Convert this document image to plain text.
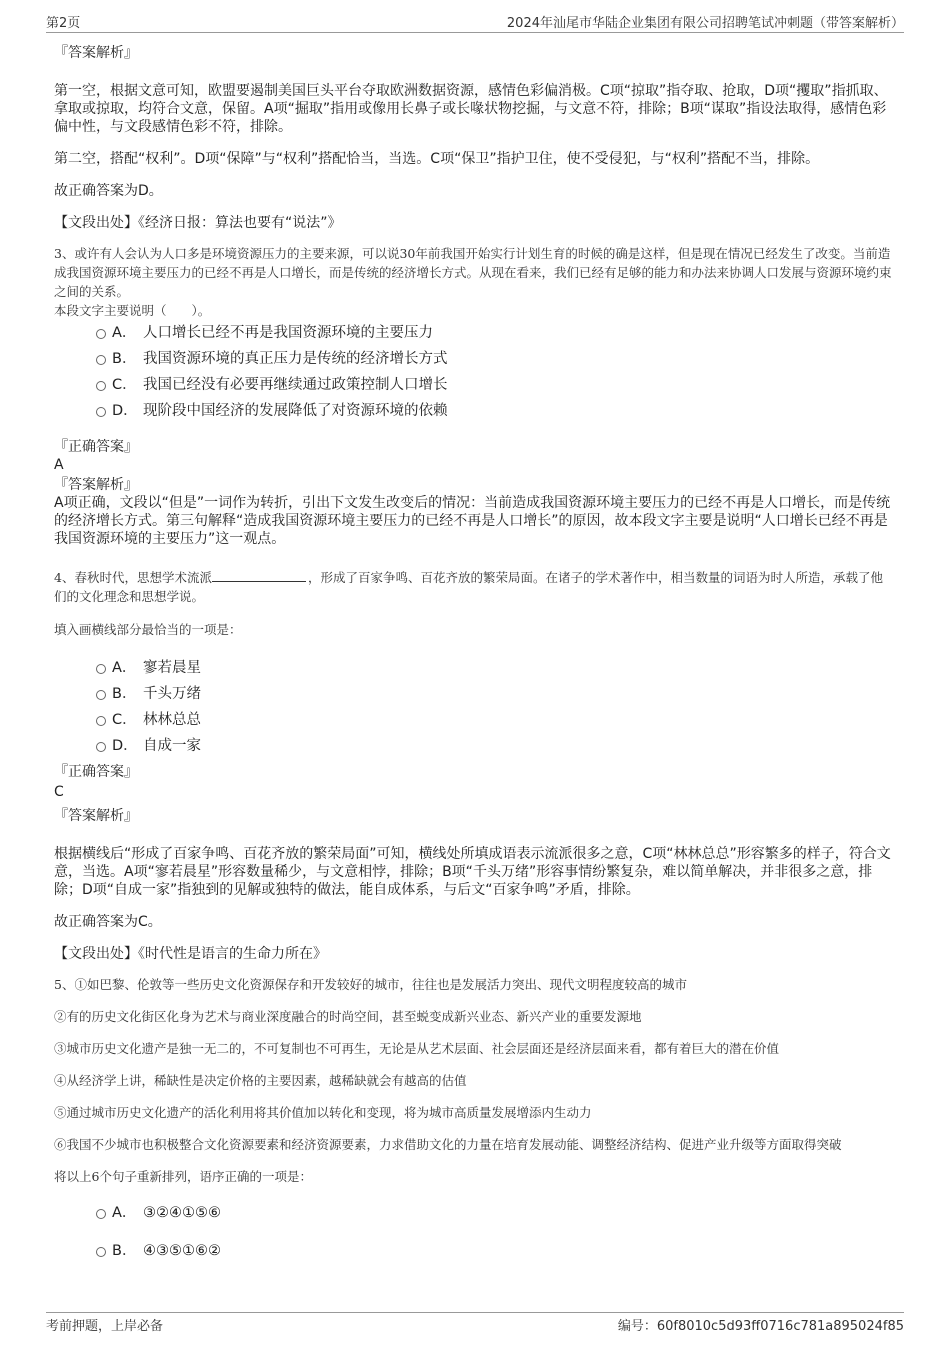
第2页	2024年汕尾市华陆企业集团有限公司招聘笔试冲刺题（带答案解析）
『答案解析』

第一空，根据文意可知，欧盟要遏制美国巨头平台夺取欧洲数据资源，感情色彩偏消极。C项“掠取”指夺取、抢取，D项“攫取”指抓取、拿取或掠取，均符合文意，保留。A项“掘取”指用或像用长鼻子或长喙状物挖掘，与文意不符，排除；B项“谋取”指设法取得，感情色彩偏中性，与文段感情色彩不符，排除。

第二空，搭配“权利”。D项“保障”与“权利”搭配恰当，当选。C项“保卫”指护卫住，使不受侵犯，与“权利”搭配不当，排除。

故正确答案为D。

【文段出处】《经济日报：算法也要有“说法”》

3、或许有人会认为人口多是环境资源压力的主要来源，可以说30年前我国开始实行计划生育的时候的确是这样，但是现在情况已经发生了改变。当前造成我国资源环境主要压力的已经不再是人口增长，而是传统的经济增长方式。从现在看来，我们已经有足够的能力和办法来协调人口发展与资源环境约束之间的关系。

本段文字主要说明（　　）。

A． 人口增长已经不再是我国资源环境的主要压力
B． 我国资源环境的真正压力是传统的经济增长方式
C． 我国已经没有必要再继续通过政策控制人口增长
D． 现阶段中国经济的发展降低了对资源环境的依赖
『正确答案』
A
『答案解析』

A项正确，文段以“但是”一词作为转折，引出下文发生改变后的情况：当前造成我国资源环境主要压力的已经不再是人口增长，而是传统的经济增长方式。第三句解释“造成我国资源环境主要压力的已经不再是人口增长”的原因，故本段文字主要是说明“人口增长已经不再是我国资源环境的主要压力”这一观点。

4、春秋时代，思想学术流派	，形成了百家争鸣、百花齐放的繁荣局面。在诸子的学术著作中，相当数量的词语为时人所造，承载了他们的文化理念和思想学说。

填入画横线部分最恰当的一项是：

A． 寥若晨星
B． 千头万绪
C． 林林总总
D． 自成一家
『正确答案』
C
『答案解析』

根据横线后“形成了百家争鸣、百花齐放的繁荣局面”可知，横线处所填成语表示流派很多之意，C项“林林总总”形容繁多的样子，符合文意，当选。A项“寥若晨星”形容数量稀少，与文意相悖，排除；B项“千头万绪”形容事情纷繁复杂，难以简单解决，并非很多之意，排除；D项“自成一家”指独到的见解或独特的做法，能自成体系，与后文“百家争鸣”矛盾，排除。

故正确答案为C。

【文段出处】《时代性是语言的生命力所在》

5、①如巴黎、伦敦等一些历史文化资源保存和开发较好的城市，往往也是发展活力突出、现代文明程度较高的城市

②有的历史文化街区化身为艺术与商业深度融合的时尚空间，甚至蜕变成新兴业态、新兴产业的重要发源地

③城市历史文化遗产是独一无二的，不可复制也不可再生，无论是从艺术层面、社会层面还是经济层面来看，都有着巨大的潜在价值

④从经济学上讲，稀缺性是决定价格的主要因素，越稀缺就会有越高的估值

⑤通过城市历史文化遗产的活化利用将其价值加以转化和变现，将为城市高质量发展增添内生动力

⑥我国不少城市也积极整合文化资源要素和经济资源要素，力求借助文化的力量在培育发展动能、调整经济结构、促进产业升级等方面取得突破

将以上6个句子重新排列，语序正确的一项是：

A． ③②④①⑤⑥
B． ④③⑤①⑥②
考前押题，上岸必备	编号：60f8010c5d93ff0716c781a895024f85
